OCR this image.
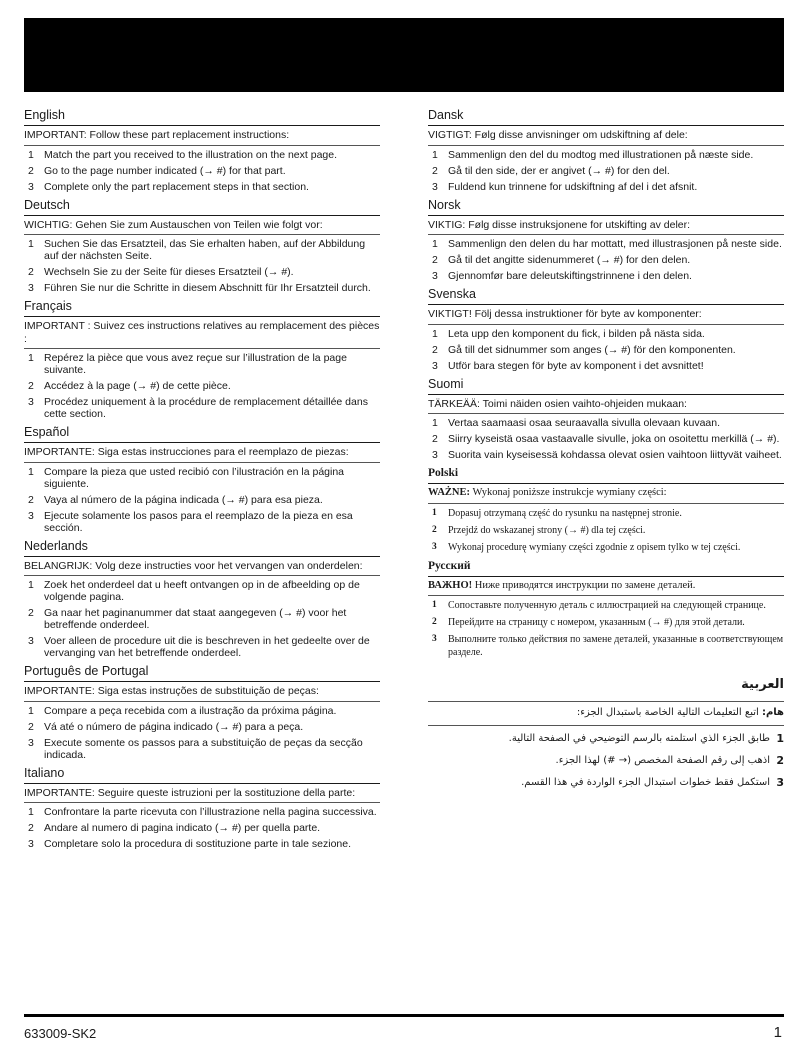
English
IMPORTANT: Follow these part replacement instructions:
1 Match the part you received to the illustration on the next page.
2 Go to the page number indicated (→ #) for that part.
3 Complete only the part replacement steps in that section.
Deutsch
WICHTIG: Gehen Sie zum Austauschen von Teilen wie folgt vor:
1 Suchen Sie das Ersatzteil, das Sie erhalten haben, auf der Abbildung auf der nächsten Seite.
2 Wechseln Sie zu der Seite für dieses Ersatzteil (→ #).
3 Führen Sie nur die Schritte in diesem Abschnitt für Ihr Ersatzteil durch.
Français
IMPORTANT : Suivez ces instructions relatives au remplacement des pièces :
1 Repérez la pièce que vous avez reçue sur l’illustration de la page suivante.
2 Accédez à la page (→ #) de cette pièce.
3 Procédez uniquement à la procédure de remplacement détaillée dans cette section.
Español
IMPORTANTE: Siga estas instrucciones para el reemplazo de piezas:
1 Compare la pieza que usted recibió con l’ilustración en la página siguiente.
2 Vaya al número de la página indicada (→ #) para esa pieza.
3 Ejecute solamente los pasos para el reemplazo de la pieza en esa sección.
Nederlands
BELANGRIJK: Volg deze instructies voor het vervangen van onderdelen:
1 Zoek het onderdeel dat u heeft ontvangen op in de afbeelding op de volgende pagina.
2 Ga naar het paginanummer dat staat aangegeven (→ #) voor het betreffende onderdeel.
3 Voer alleen de procedure uit die is beschreven in het gedeelte over de vervanging van het betreffende onderdeel.
Português de Portugal
IMPORTANTE: Siga estas instruções de substituição de peças:
1 Compare a peça recebida com a ilustração da próxima página.
2 Vá até o número de página indicado (→ #) para a peça.
3 Execute somente os passos para a substituição de peças da secção indicada.
Italiano
IMPORTANTE: Seguire queste istruzioni per la sostituzione della parte:
1 Confrontare la parte ricevuta con l’illustrazione nella pagina successiva.
2 Andare al numero di pagina indicato (→ #) per quella parte.
3 Completare solo la procedura di sostituzione parte in tale sezione.
Dansk
VIGTIGT: Følg disse anvisninger om udskiftning af dele:
1 Sammenlign den del du modtog med illustrationen på næste side.
2 Gå til den side, der er angivet (→ #) for den del.
3 Fuldend kun trinnene for udskiftning af del i det afsnit.
Norsk
VIKTIG: Følg disse instruksjonene for utskifting av deler:
1 Sammenlign den delen du har mottatt, med illustrasjonen på neste side.
2 Gå til det angitte sidenummeret (→ #) for den delen.
3 Gjennomfør bare deleutskiftingstrinnene i den delen.
Svenska
VIKTIGT! Följ dessa instruktioner för byte av komponenter:
1 Leta upp den komponent du fick, i bilden på nästa sida.
2 Gå till det sidnummer som anges (→ #) för den komponenten.
3 Utför bara stegen för byte av komponent i det avsnittet!
Suomi
TÄRKEÄÄ: Toimi näiden osien vaihto-ohjeiden mukaan:
1 Vertaa saamaasi osaa seuraavalla sivulla olevaan kuvaan.
2 Siirry kyseistä osaa vastaavalle sivulle, joka on osoitettu merkillä (→ #).
3 Suorita vain kyseisessä kohdassa olevat osien vaihtoon liittyvät vaiheet.
Polski
WAŻNE: Wykonaj poniższe instrukcje wymiany części:
1	Dopasuj otrzymaną część do rysunku na następnej stronie.
2	Przejdź do wskazanej strony (→ #) dla tej części.
3	Wykonaj procedurę wymiany części zgodnie z opisem tylko w tej części.
Русский
ВАЖНО! Ниже приводятся инструкции по замене деталей.
1	Сопоставьте полученную деталь с иллюстрацией на следующей странице.
2	Перейдите на страницу с номером, указанным (→ #) для этой детали.
3	Выполните только действия по замене деталей, указанные в соответствующем разделе.
العربية
هام: اتبع التعليمات التالية الخاصة باستبدال الجزء:
1
طابق الجزء الذي استلمته بالرسم التوضيحي في الصفحة التالية.
2
اذهب إلى رقم الصفحة المخصص (→ #) لهذا الجزء.
3
استكمل فقط خطوات استبدال الجزء الواردة في هذا القسم.
633009-SK2	1
